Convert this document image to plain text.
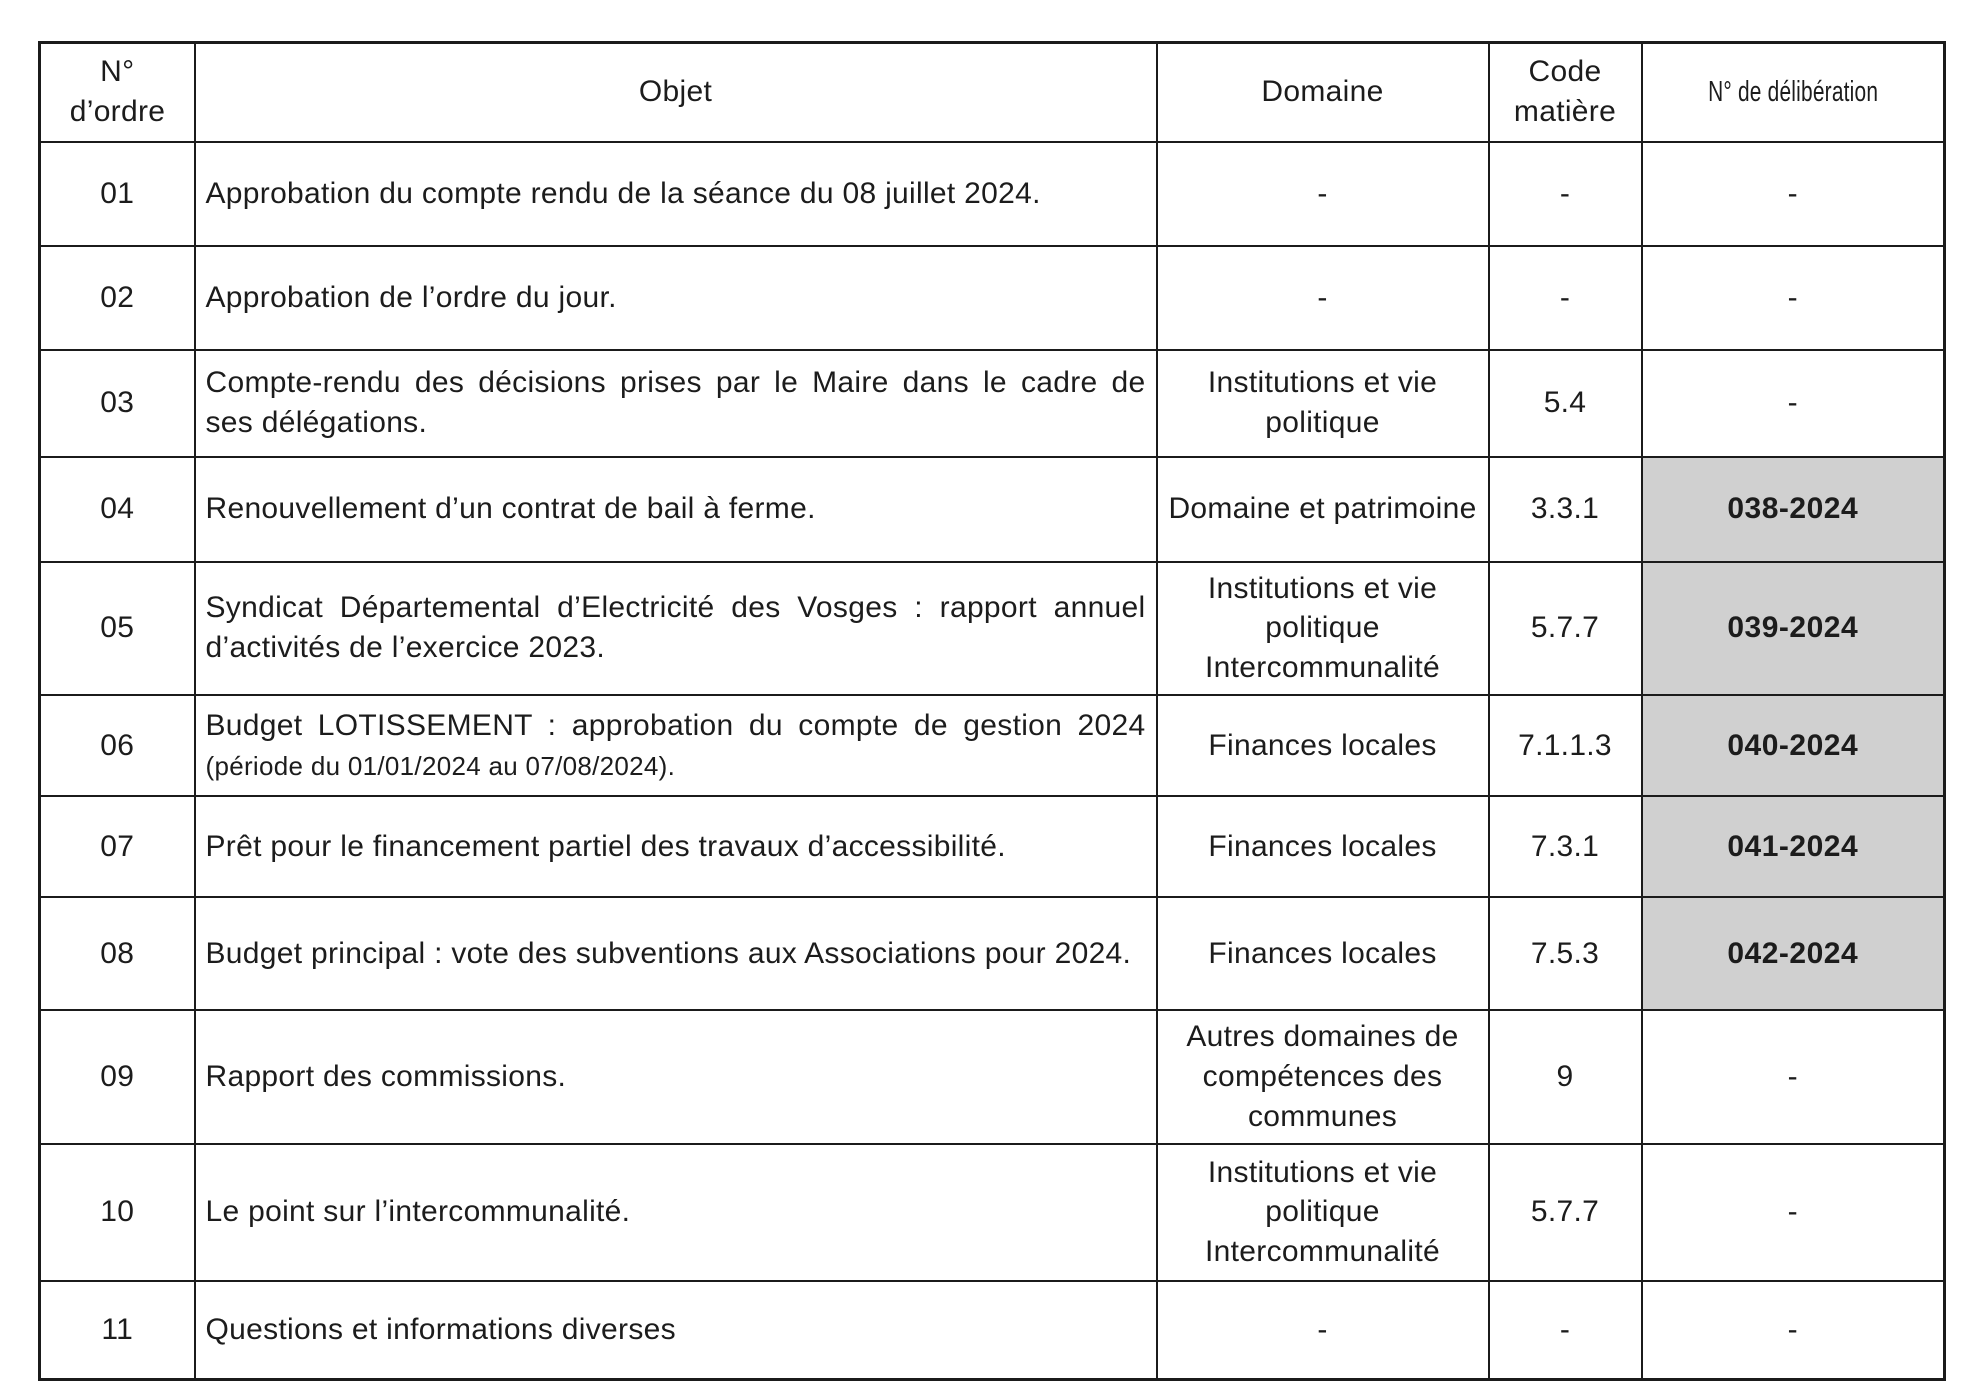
N° d’ordre	Objet	Domaine	Code matière	N° de délibération
01	Approbation du compte rendu de la séance du 08 juillet 2024.	-	-	-
02	Approbation de l’ordre du jour.	-	-	-
03	Compte-rendu des décisions prises par le Maire dans le cadre de ses délégations.	Institutions et vie politique	5.4	-
04	Renouvellement d’un contrat de bail à ferme.	Domaine et patrimoine	3.3.1	038-2024
05	Syndicat Départemental d’Electricité des Vosges : rapport annuel d’activités de l’exercice 2023.	Institutions et vie politique Intercommunalité	5.7.7	039-2024
06	Budget LOTISSEMENT : approbation du compte de gestion 2024 (période du 01/01/2024 au 07/08/2024).	Finances locales	7.1.1.3	040-2024
07	Prêt pour le financement partiel des travaux d’accessibilité.	Finances locales	7.3.1	041-2024
08	Budget principal : vote des subventions aux Associations pour 2024.	Finances locales	7.5.3	042-2024
09	Rapport des commissions.	Autres domaines de compétences des communes	9	-
10	Le point sur l’intercommunalité.	Institutions et vie politique Intercommunalité	5.7.7	-
11	Questions et informations diverses	-	-	-
